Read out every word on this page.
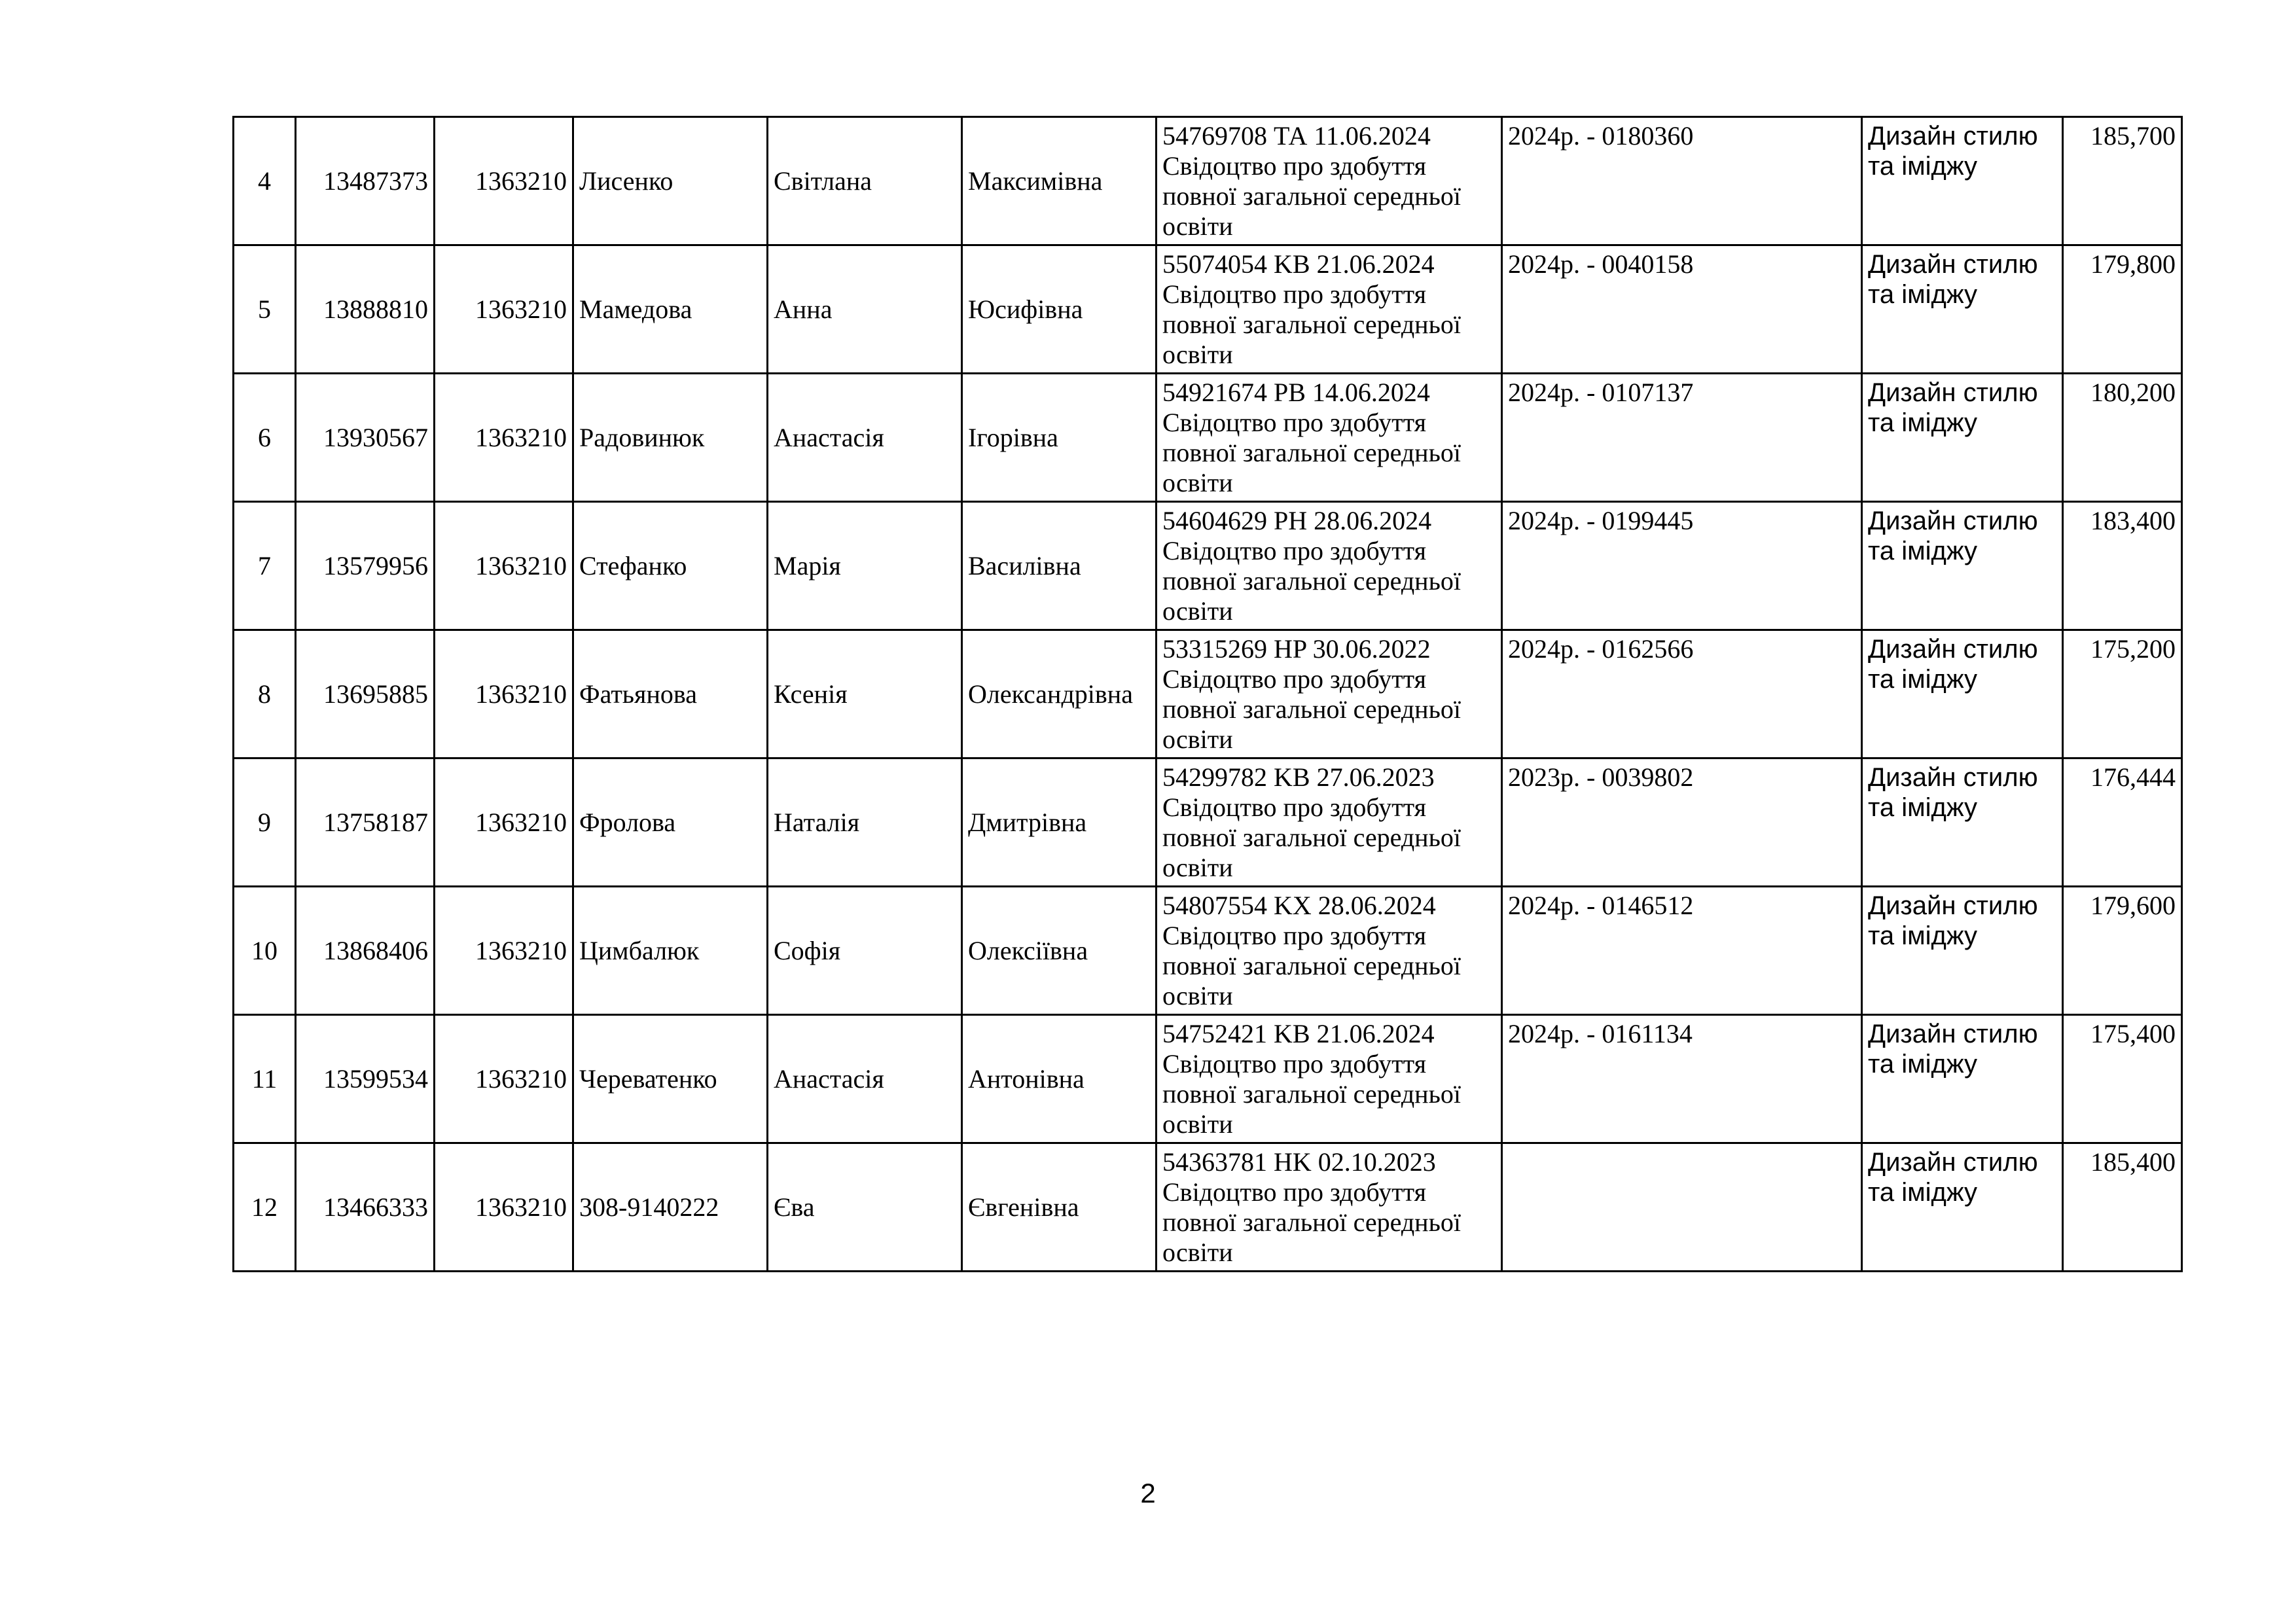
4	13487373	1363210	Лисенко	Світлана	Максимівна	54769708 ТА 11.06.2024
Свідоцтво про здобуття
повної загальної середньої
освіти	2024р. - 0180360	Дизайн стилю
та іміджу	185,700
5	13888810	1363210	Мамедова	Анна	Юсифівна	55074054 KB 21.06.2024
Свідоцтво про здобуття
повної загальної середньої
освіти	2024р. - 0040158	Дизайн стилю
та іміджу	179,800
6	13930567	1363210	Радовинюк	Анастасія	Ігорівна	54921674 PB 14.06.2024
Свідоцтво про здобуття
повної загальної середньої
освіти	2024р. - 0107137	Дизайн стилю
та іміджу	180,200
7	13579956	1363210	Стефанко	Марія	Василівна	54604629 PH 28.06.2024
Свідоцтво про здобуття
повної загальної середньої
освіти	2024р. - 0199445	Дизайн стилю
та іміджу	183,400
8	13695885	1363210	Фатьянова	Ксенія	Олександрівна	53315269 HP 30.06.2022
Свідоцтво про здобуття
повної загальної середньої
освіти	2024р. - 0162566	Дизайн стилю
та іміджу	175,200
9	13758187	1363210	Фролова	Наталія	Дмитрівна	54299782 KB 27.06.2023
Свідоцтво про здобуття
повної загальної середньої
освіти	2023р. - 0039802	Дизайн стилю
та іміджу	176,444
10	13868406	1363210	Цимбалюк	Софія	Олексіївна	54807554 KX 28.06.2024
Свідоцтво про здобуття
повної загальної середньої
освіти	2024р. - 0146512	Дизайн стилю
та іміджу	179,600
11	13599534	1363210	Череватенко	Анастасія	Антонівна	54752421 KB 21.06.2024
Свідоцтво про здобуття
повної загальної середньої
освіти	2024р. - 0161134	Дизайн стилю
та іміджу	175,400
12	13466333	1363210	308-9140222	Єва	Євгенівна	54363781 HK 02.10.2023
Свідоцтво про здобуття
повної загальної середньої
освіти		Дизайн стилю
та іміджу	185,400
2
